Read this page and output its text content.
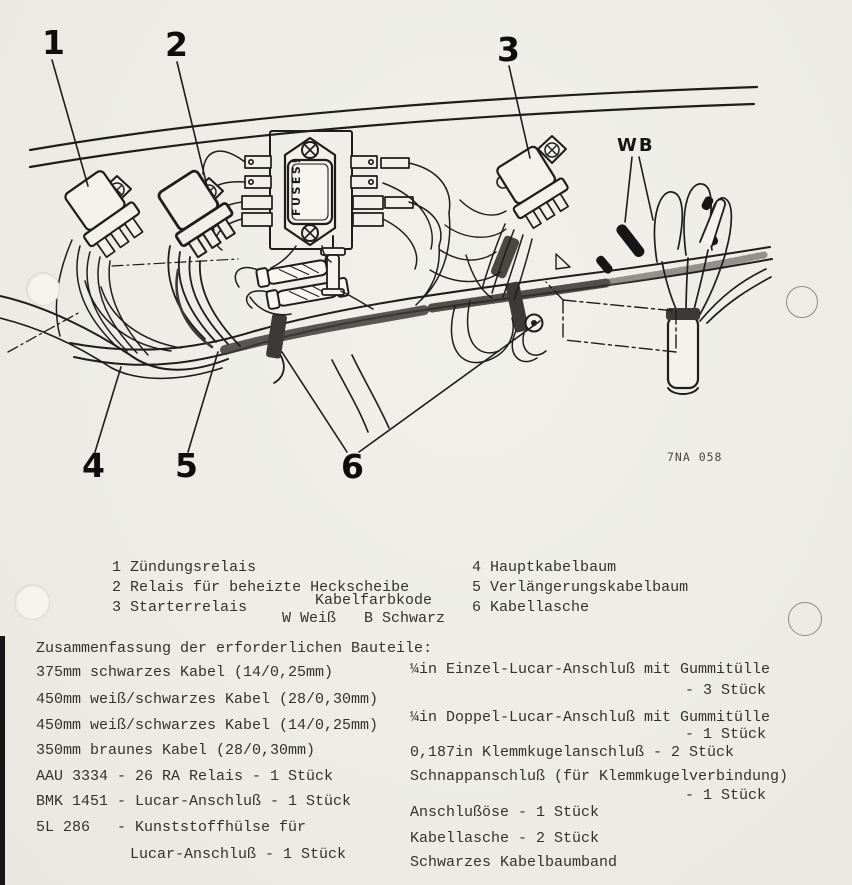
FUSES!
1	2	3
4 5	6
WB
7NA 058

1 Zündungsrelais

2 Relais für beheizte Heckscheibe

3 Starterrelais

4 Hauptkabelbaum

5 Verlängerungskabelbaum

6 Kabellasche
Kabelfarbkode
W Weiß B Schwarz
Zusammenfassung der erforderlichen Bauteile:
375mm schwarzes Kabel (14/0,25mm)
450mm weiß/schwarzes Kabel (28/0,30mm)
450mm weiß/schwarzes Kabel (14/0,25mm)
350mm braunes Kabel (28/0,30mm)
AAU 3334 - 26 RA Relais - 1 Stück
BMK 1451 - Lucar-Anschluß - 1 Stück
5L 286   - Kunststoffhülse für
Lucar-Anschluß - 1 Stück
¼in Einzel-Lucar-Anschluß mit Gummitülle
- 3 Stück
¼in Doppel-Lucar-Anschluß mit Gummitülle
- 1 Stück
0,187in Klemmkugelanschluß - 2 Stück
Schnappanschluß (für Klemmkugelverbindung)
- 1 Stück
Anschlußöse - 1 Stück
Kabellasche - 2 Stück
Schwarzes Kabelbaumband
